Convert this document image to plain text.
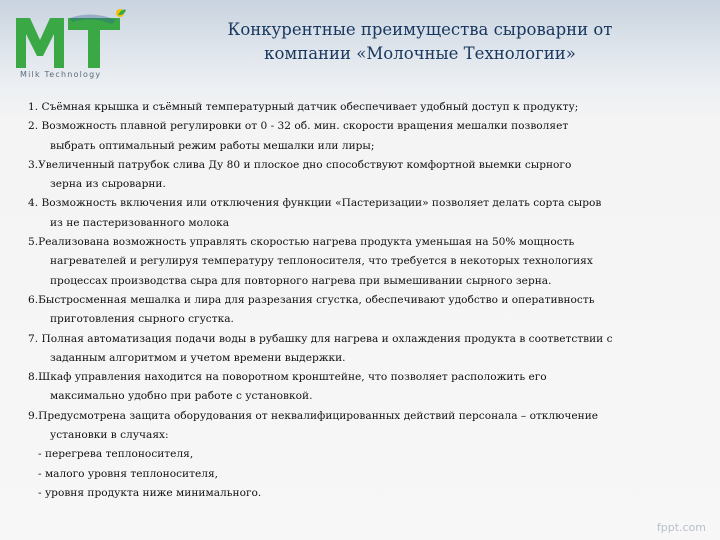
Milk Technology
Конкурентные преимущества сыроварни от
компании «Молочные Технологии»
1. Съёмная крышка и съёмный температурный датчик обеспечивает удобный доступ к продукту;
2. Возможность плавной регулировки от 0 - 32 об. мин. скорости вращения мешалки позволяет
выбрать оптимальный режим работы мешалки или лиры;
3.Увеличенный патрубок слива Ду 80 и плоское дно способствуют комфортной выемки сырного
зерна из сыроварни.
4. Возможность включения или отключения функции «Пастеризации» позволяет делать сорта сыров
из не пастеризованного молока
5.Реализована возможность управлять скоростью нагрева продукта уменьшая на 50% мощность
нагревателей и регулируя температуру теплоносителя, что требуется в некоторых технологиях
процессах производства сыра для повторного нагрева при вымешивании сырного зерна.
6.Быстросменная мешалка и лира для разрезания сгустка, обеспечивают удобство и оперативность
приготовления сырного сгустка.
7. Полная автоматизация подачи воды в рубашку для нагрева и охлаждения продукта в соответствии с
заданным алгоритмом и учетом времени выдержки.
8.Шкаф управления находится на поворотном кронштейне, что позволяет расположить его
максимально удобно при работе с установкой.
9.Предусмотрена защита оборудования от неквалифицированных действий персонала – отключение
установки в случаях:
- перегрева теплоносителя,
- малого уровня теплоносителя,
- уровня продукта ниже минимального.
fppt.com
